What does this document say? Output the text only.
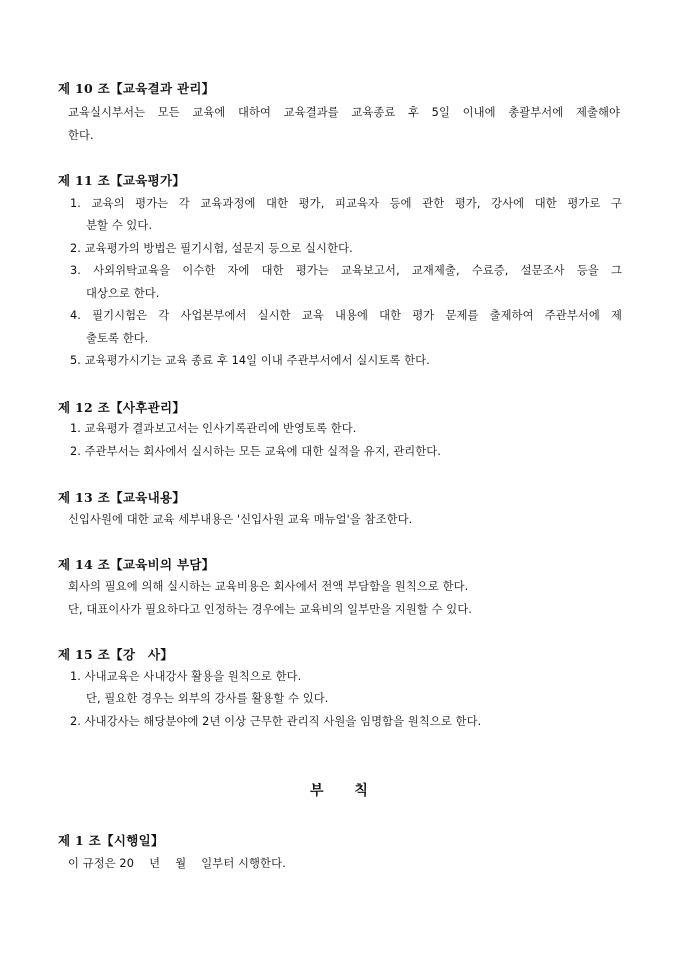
제 10 조【교육결과 관리】
교육실시부서는 모든 교육에 대하여 교육결과를 교육종료 후 5일 이내에 총괄부서에 제출해야
한다.
제 11 조【교육평가】
1. 교육의 평가는 각 교육과정에 대한 평가, 피교육자 등에 관한 평가, 강사에 대한 평가로 구
분할 수 있다.
2. 교육평가의 방법은 필기시험, 설문지 등으로 실시한다.
3. 사외위탁교육을 이수한 자에 대한 평가는 교육보고서, 교재제출, 수료증, 설문조사 등을 그
대상으로 한다.
4. 필기시험은 각 사업본부에서 실시한 교육 내용에 대한 평가 문제를 출제하여 주관부서에 제
출토록 한다.
5. 교육평가시기는 교육 종료 후 14일 이내 주관부서에서 실시토록 한다.
제 12 조【사후관리】
1. 교육평가 결과보고서는 인사기록관리에 반영토록 한다.
2. 주관부서는 회사에서 실시하는 모든 교육에 대한 실적을 유지, 관리한다.
제 13 조【교육내용】
신입사원에 대한 교육 세부내용은 '신입사원 교육 매뉴얼'을 참조한다.
제 14 조【교육비의 부담】
회사의 필요에 의해 실시하는 교육비용은 회사에서 전액 부담함을 원칙으로 한다.
단, 대표이사가 필요하다고 인정하는 경우에는 교육비의 일부만을 지원할 수 있다.
제 15 조【강　사】
1. 사내교육은 사내강사 활용을 원칙으로 한다.
단, 필요한 경우는 외부의 강사를 활용할 수 있다.
2. 사내강사는 해당분야에 2년 이상 근무한 관리직 사원을 임명함을 원칙으로 한다.
부 칙
제 1 조【시행일】
이 규정은 20　 년　 월　 일부터 시행한다.
